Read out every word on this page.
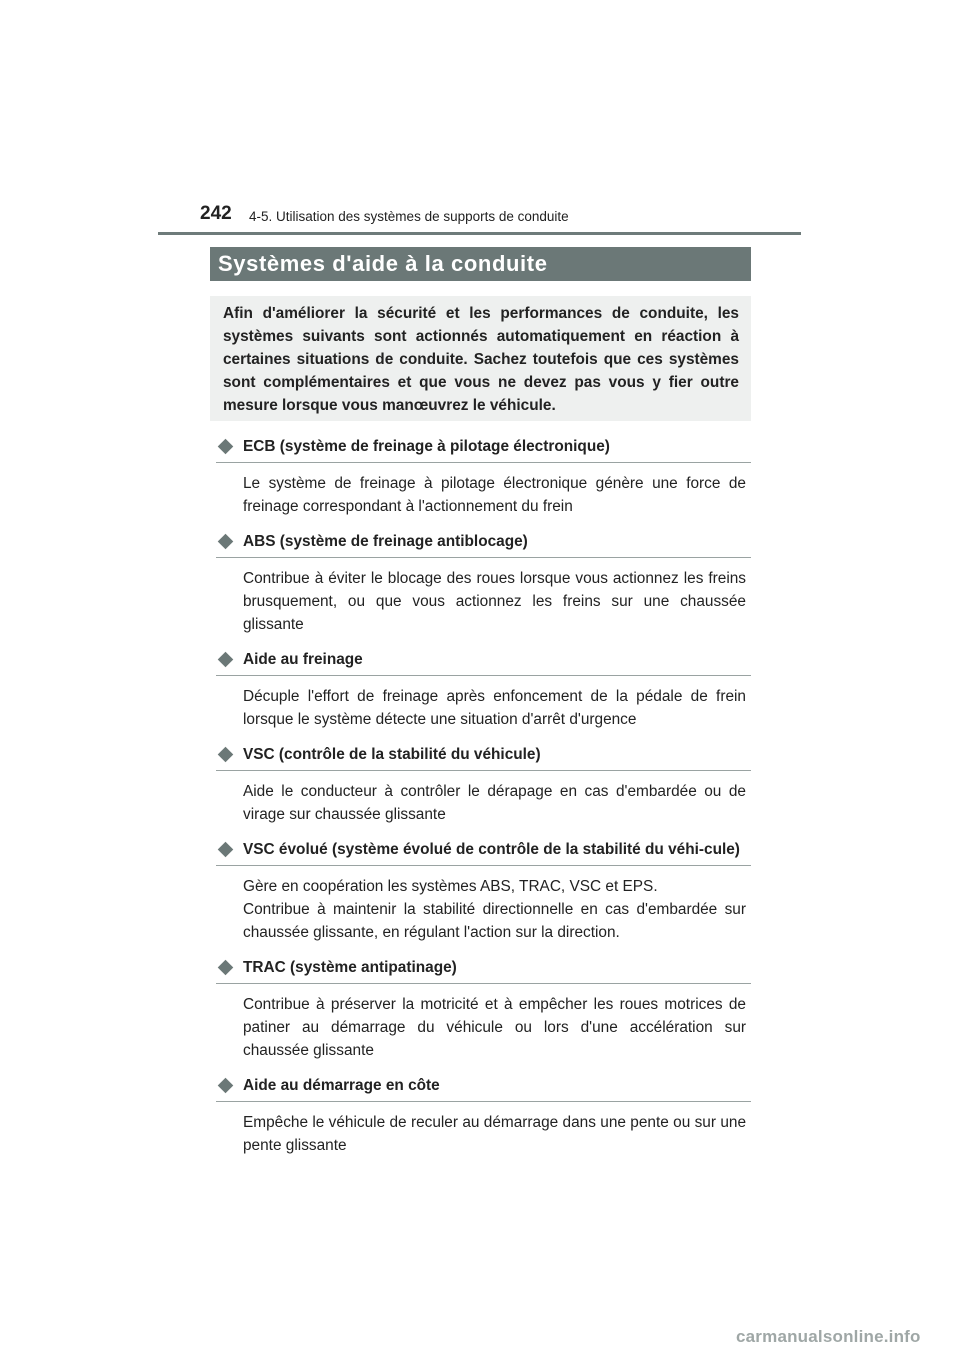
242 4-5. Utilisation des systèmes de supports de conduite
Systèmes d'aide à la conduite
Afin d'améliorer la sécurité et les performances de conduite, les systèmes suivants sont actionnés automatiquement en réaction à certaines situations de conduite. Sachez toutefois que ces systèmes sont complémentaires et que vous ne devez pas vous y fier outre mesure lorsque vous manœuvrez le véhicule.
ECB (système de freinage à pilotage électronique)

Le système de freinage à pilotage électronique génère une force de freinage correspondant à l'actionnement du frein

ABS (système de freinage antiblocage)

Contribue à éviter le blocage des roues lorsque vous actionnez les freins brusquement, ou que vous actionnez les freins sur une chaussée glissante

Aide au freinage

Décuple l'effort de freinage après enfoncement de la pédale de frein lorsque le système détecte une situation d'arrêt d'urgence

VSC (contrôle de la stabilité du véhicule)

Aide le conducteur à contrôler le dérapage en cas d'embardée ou de virage sur chaussée glissante

VSC évolué (système évolué de contrôle de la stabilité du véhi-cule)

Gère en coopération les systèmes ABS, TRAC, VSC et EPS.

Contribue à maintenir la stabilité directionnelle en cas d'embardée sur chaussée glissante, en régulant l'action sur la direction.

TRAC (système antipatinage)

Contribue à préserver la motricité et à empêcher les roues motrices de patiner au démarrage du véhicule ou lors d'une accélération sur chaussée glissante

Aide au démarrage en côte

Empêche le véhicule de reculer au démarrage dans une pente ou sur une pente glissante

carmanualsonline.info
